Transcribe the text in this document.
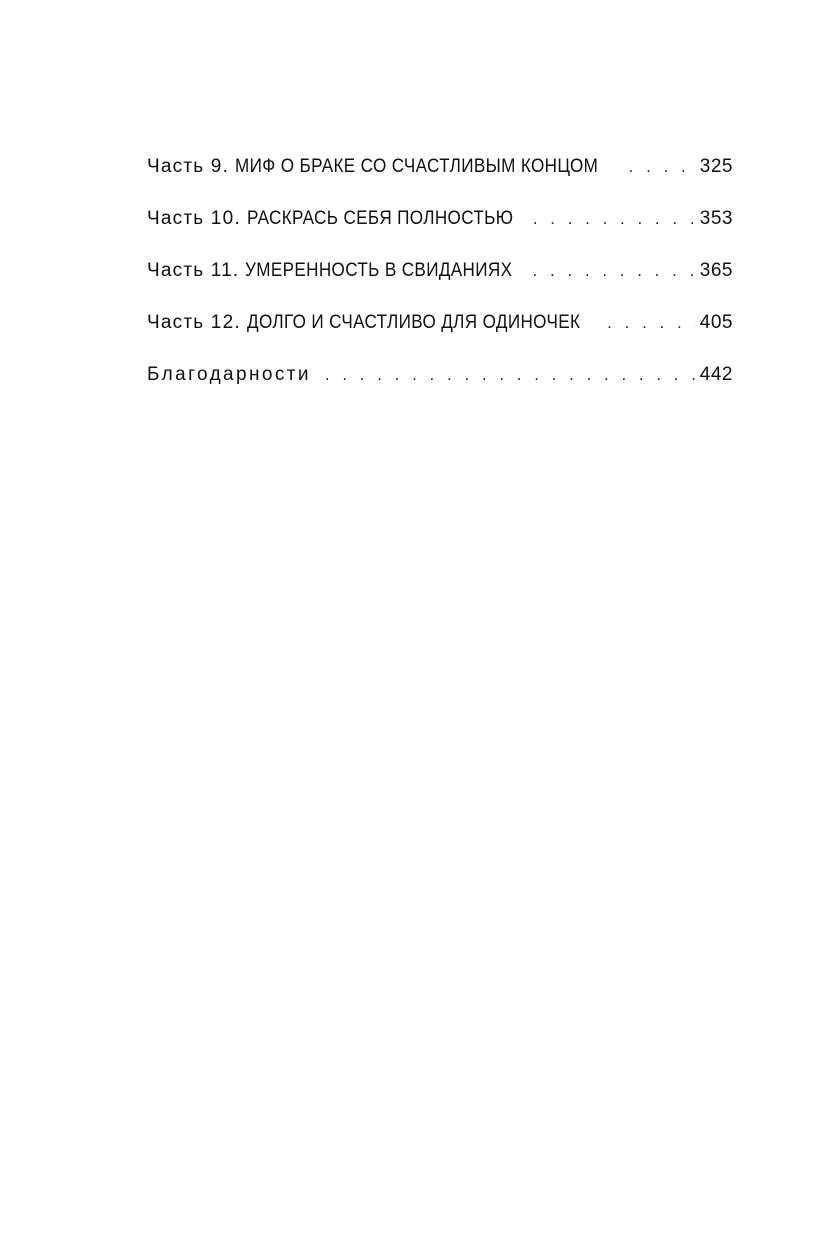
Часть 9. МИФ О БРАКЕ СО СЧАСТЛИВЫМ КОНЦОМ . . .	325
Часть 10. РАСКРАСЬ СЕБЯ ПОЛНОСТЬЮ . . .	353
Часть 11. УМЕРЕННОСТЬ В СВИДАНИЯХ . . .	365
Часть 12. ДОЛГО И СЧАСТЛИВО ДЛЯ ОДИНОЧЕК . . .	405
Благодарности . . .	442
